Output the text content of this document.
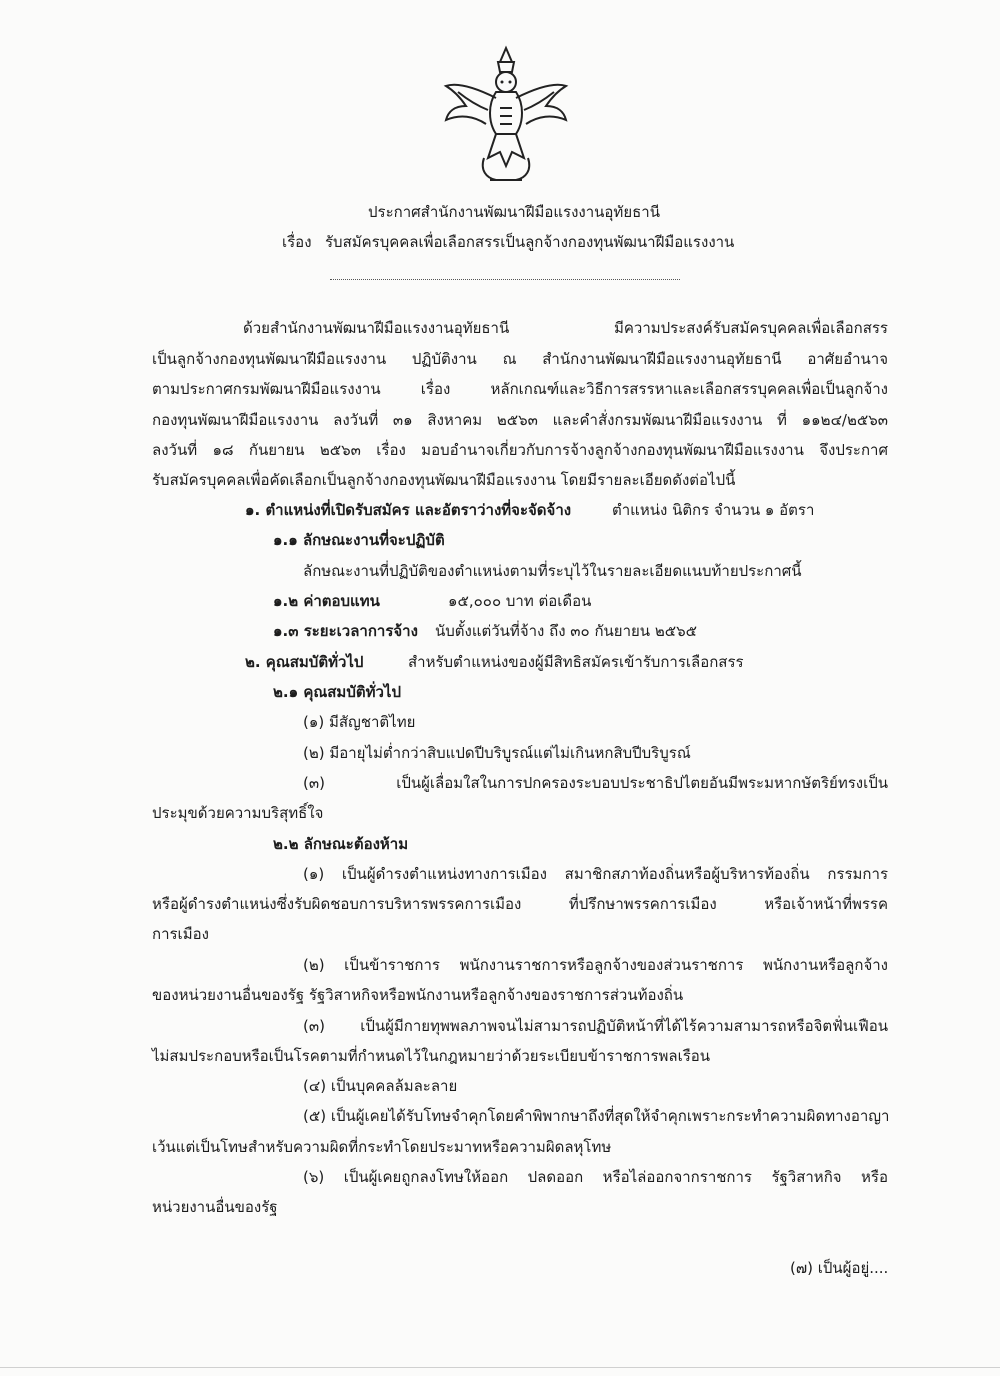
ประกาศสำนักงานพัฒนาฝีมือแรงงานอุทัยธานี
เรื่อง รับสมัครบุคคลเพื่อเลือกสรรเป็นลูกจ้างกองทุนพัฒนาฝีมือแรงงาน
ด้วยสำนักงานพัฒนาฝีมือแรงงานอุทัยธานี มีความประสงค์รับสมัครบุคคลเพื่อเลือกสรร
เป็นลูกจ้างกองทุนพัฒนาฝีมือแรงงาน ปฏิบัติงาน ณ สำนักงานพัฒนาฝีมือแรงงานอุทัยธานี อาศัยอำนาจ
ตามประกาศกรมพัฒนาฝีมือแรงงาน เรื่อง หลักเกณฑ์และวิธีการสรรหาและเลือกสรรบุคคลเพื่อเป็นลูกจ้าง
กองทุนพัฒนาฝีมือแรงงาน ลงวันที่ ๓๑ สิงหาคม ๒๕๖๓ และคำสั่งกรมพัฒนาฝีมือแรงงาน ที่ ๑๑๒๔/๒๕๖๓
ลงวันที่ ๑๘ กันยายน ๒๕๖๓ เรื่อง มอบอำนาจเกี่ยวกับการจ้างลูกจ้างกองทุนพัฒนาฝีมือแรงงาน จึงประกาศ
รับสมัครบุคคลเพื่อคัดเลือกเป็นลูกจ้างกองทุนพัฒนาฝีมือแรงงาน โดยมีรายละเอียดดังต่อไปนี้
๑. ตำแหน่งที่เปิดรับสมัคร และอัตราว่างที่จะจัดจ้าง	ตำแหน่ง นิติกร จำนวน ๑ อัตรา
๑.๑ ลักษณะงานที่จะปฏิบัติ
ลักษณะงานที่ปฏิบัติของตำแหน่งตามที่ระบุไว้ในรายละเอียดแนบท้ายประกาศนี้
๑.๒ ค่าตอบแทน	๑๕,๐๐๐ บาท ต่อเดือน
๑.๓ ระยะเวลาการจ้าง นับตั้งแต่วันที่จ้าง ถึง ๓๐ กันยายน ๒๕๖๕
๒. คุณสมบัติทั่วไป	สำหรับตำแหน่งของผู้มีสิทธิสมัครเข้ารับการเลือกสรร
๒.๑ คุณสมบัติทั่วไป
(๑) มีสัญชาติไทย
(๒) มีอายุไม่ต่ำกว่าสิบแปดปีบริบูรณ์แต่ไม่เกินหกสิบปีบริบูรณ์
(๓) เป็นผู้เลื่อมใสในการปกครองระบอบประชาธิปไตยอันมีพระมหากษัตริย์ทรงเป็น
ประมุขด้วยความบริสุทธิ์ใจ
๒.๒ ลักษณะต้องห้าม
(๑) เป็นผู้ดำรงตำแหน่งทางการเมือง สมาชิกสภาท้องถิ่นหรือผู้บริหารท้องถิ่น กรรมการ
หรือผู้ดำรงตำแหน่งซึ่งรับผิดชอบการบริหารพรรคการเมือง ที่ปรึกษาพรรคการเมือง หรือเจ้าหน้าที่พรรค
การเมือง
(๒) เป็นข้าราชการ พนักงานราชการหรือลูกจ้างของส่วนราชการ พนักงานหรือลูกจ้าง
ของหน่วยงานอื่นของรัฐ รัฐวิสาหกิจหรือพนักงานหรือลูกจ้างของราชการส่วนท้องถิ่น
(๓) เป็นผู้มีกายทุพพลภาพจนไม่สามารถปฏิบัติหน้าที่ได้ไร้ความสามารถหรือจิตฟั่นเฟือน
ไม่สมประกอบหรือเป็นโรคตามที่กำหนดไว้ในกฎหมายว่าด้วยระเบียบข้าราชการพลเรือน
(๔) เป็นบุคคลล้มละลาย
(๕) เป็นผู้เคยได้รับโทษจำคุกโดยคำพิพากษาถึงที่สุดให้จำคุกเพราะกระทำความผิดทางอาญา
เว้นแต่เป็นโทษสำหรับความผิดที่กระทำโดยประมาทหรือความผิดลหุโทษ
(๖) เป็นผู้เคยถูกลงโทษให้ออก ปลดออก หรือไล่ออกจากราชการ รัฐวิสาหกิจ หรือ
หน่วยงานอื่นของรัฐ
(๗) เป็นผู้อยู่....
